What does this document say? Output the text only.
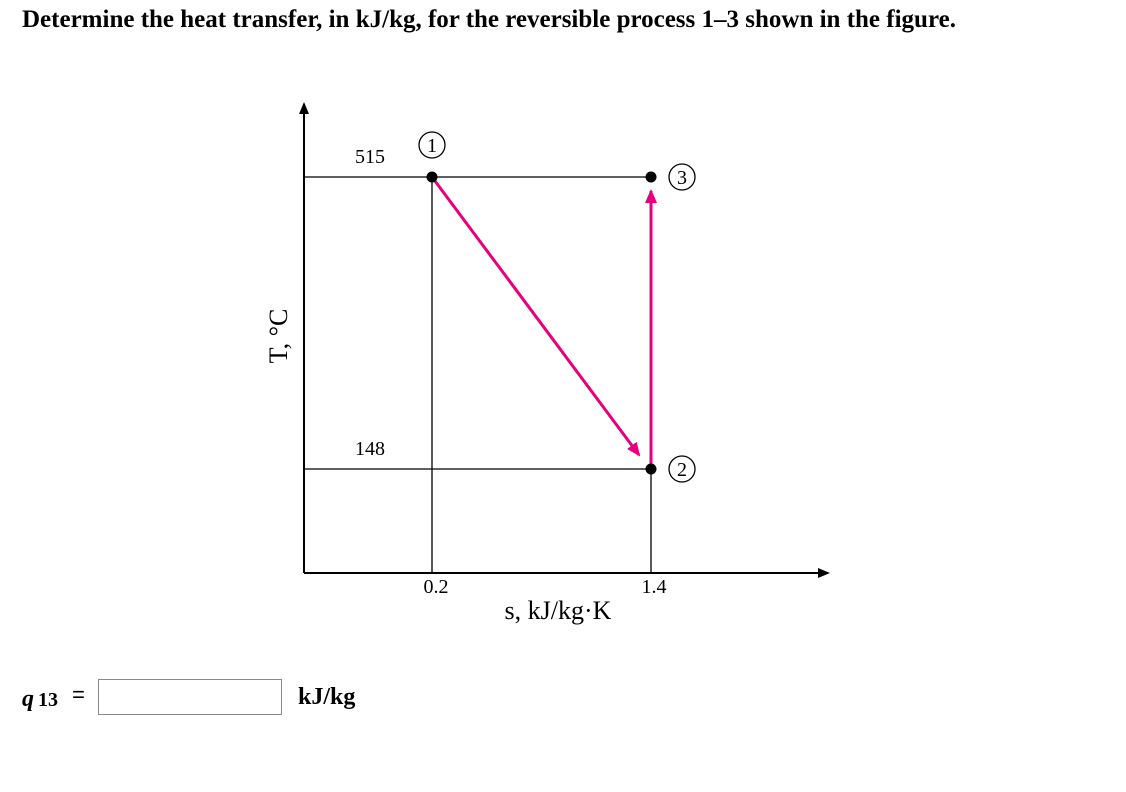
Determine the heat transfer, in kJ/kg, for the reversible process 1–3 shown in the figure.
T, °C
s, kJ/kg·K
515
148
0.2	1.4
1
2
3
q 13 =	kJ/kg
